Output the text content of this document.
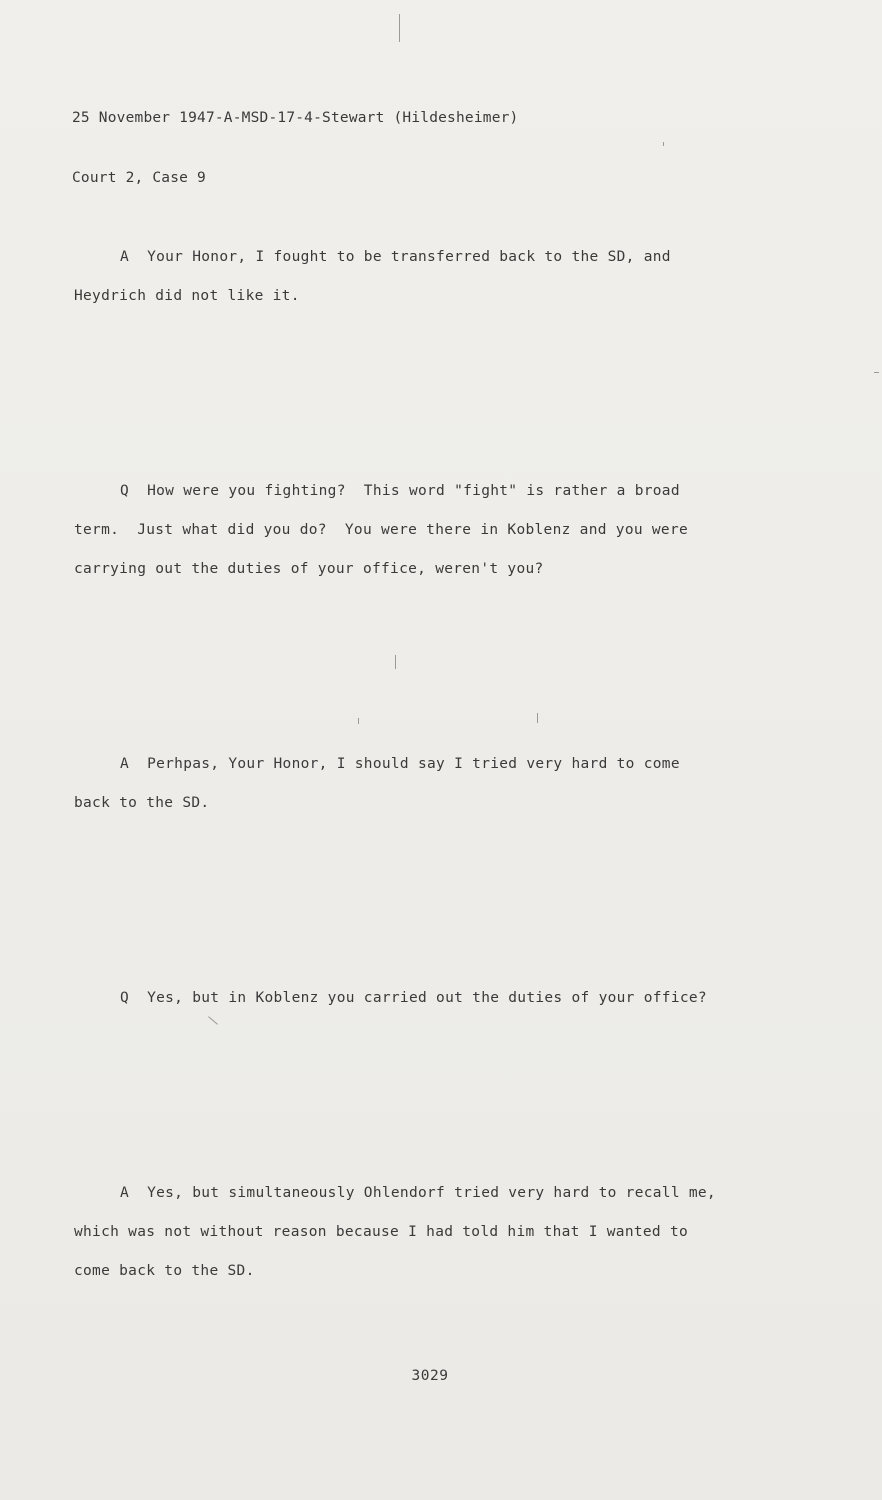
25 November 1947-A-MSD-17-4-Stewart (Hildesheimer)

Court 2, Case 9

A  Your Honor, I fought to be transferred back to the SD, and
Heydrich did not like it.

Q  How were you fighting?  This word "fight" is rather a broad
term.  Just what did you do?  You were there in Koblenz and you were
carrying out the duties of your office, weren't you?

A  Perhpas, Your Honor, I should say I tried very hard to come
back to the SD.

Q  Yes, but in Koblenz you carried out the duties of your office?

A  Yes, but simultaneously Ohlendorf tried very hard to recall me,
which was not without reason because I had told him that I wanted to
come back to the SD.

3029
